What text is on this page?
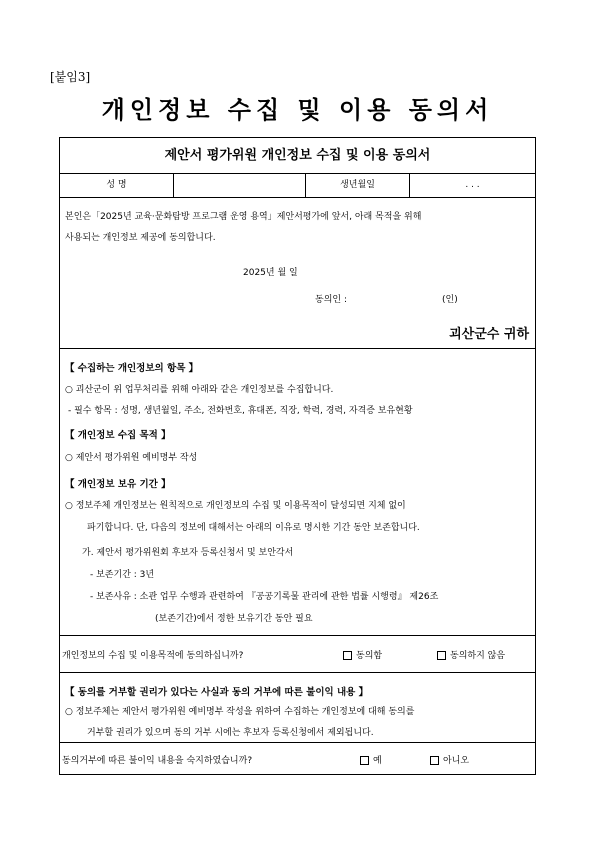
[붙임3]
개인정보 수집 및 이용 동의서
제안서 평가위원 개인정보 수집 및 이용 동의서
성 명	생년월일	. . .
본인은「2025년 교육·문화탐방 프로그램 운영 용역」제안서평가에 앞서, 아래 목적을 위해
사용되는 개인정보 제공에 동의합니다.
2025년 월 일
동의인 :	(인)
괴산군수 귀하
【 수집하는 개인정보의 항목 】
○ 괴산군이 위 업무처리를 위해 아래와 같은 개인정보를 수집합니다.
- 필수 항목 : 성명, 생년월일, 주소, 전화번호, 휴대폰, 직장, 학력, 경력, 자격증 보유현황
【 개인정보 수집 목적 】
○ 제안서 평가위원 예비명부 작성
【 개인정보 보유 기간 】
○ 정보주체 개인정보는 원칙적으로 개인정보의 수집 및 이용목적이 달성되면 지체 없이
파기합니다. 단, 다음의 정보에 대해서는 아래의 이유로 명시한 기간 동안 보존합니다.
가. 제안서 평가위원회 후보자 등록신청서 및 보안각서
- 보존기간 : 3년
- 보존사유 : 소관 업무 수행과 관련하여 『공공기록물 관리에 관한 법률 시행령』 제26조
(보존기간)에서 정한 보유기간 동안 필요
개인정보의 수집 및 이용목적에 동의하십니까?	동의함	동의하지 않음
【 동의를 거부할 권리가 있다는 사실과 동의 거부에 따른 불이익 내용 】
○ 정보주체는 제안서 평가위원 예비명부 작성을 위하여 수집하는 개인정보에 대해 동의를
거부할 권리가 있으며 동의 거부 시에는 후보자 등록신청에서 제외됩니다.
동의거부에 따른 불이익 내용을 숙지하였습니까?	예	아니오
